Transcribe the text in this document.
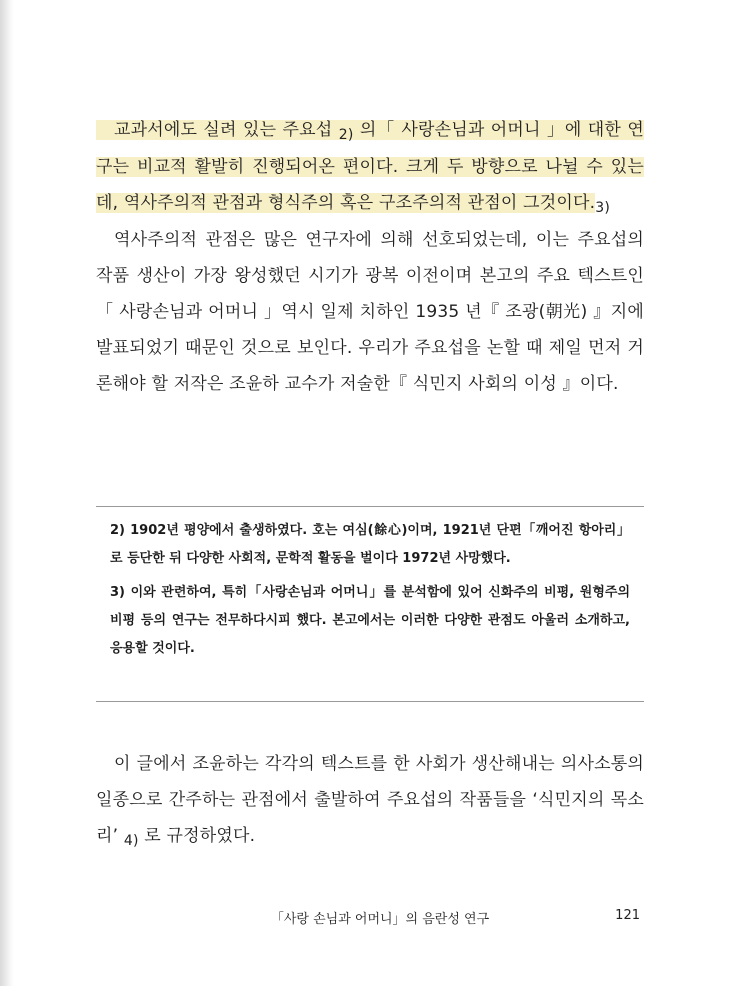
교과서에도 실려 있는 주요섭 $_{2)}$ 의「 사랑손님과 어머니 」에 대한 연구는 비교적 활발히 진행되어온 편이다. 크게 두 방향으로 나뉠 수 있는데, 역사주의적 관점과 형식주의 혹은 구조주의적 관점이 그것이다$._{3)}$

역사주의적 관점은 많은 연구자에 의해 선호되었는데, 이는 주요섭의 작품 생산이 가장 왕성했던 시기가 광복 이전이며 본고의 주요 텍스트인「 사랑손님과 어머니 」역시 일제 치하인 1935 년『 조광(朝光) 』지에 발표되었기 때문인 것으로 보인다. 우리가 주요섭을 논할 때 제일 먼저 거론해야 할 저작은 조윤하 교수가 저술한『 식민지 사회의 이성 』이다.

2) 1902년 평양에서 출생하였다. 호는 여심(餘心)이며, 1921년 단편「깨어진 항아리」로 등단한 뒤 다양한 사회적, 문학적 활동을 벌이다 1972년 사망했다.

3) 이와 관련하여, 특히「사랑손님과 어머니」를 분석함에 있어 신화주의 비평, 원형주의 비평 등의 연구는 전무하다시피 했다. 본고에서는 이러한 다양한 관점도 아울러 소개하고, 응용할 것이다.

이 글에서 조윤하는 각각의 텍스트를 한 사회가 생산해내는 의사소통의 일종으로 간주하는 관점에서 출발하여 주요섭의 작품들을 ‘식민지의 목소리’ $_{4)}$ 로 규정하였다.

「사랑 손님과 어머니」의 음란성 연구	121
